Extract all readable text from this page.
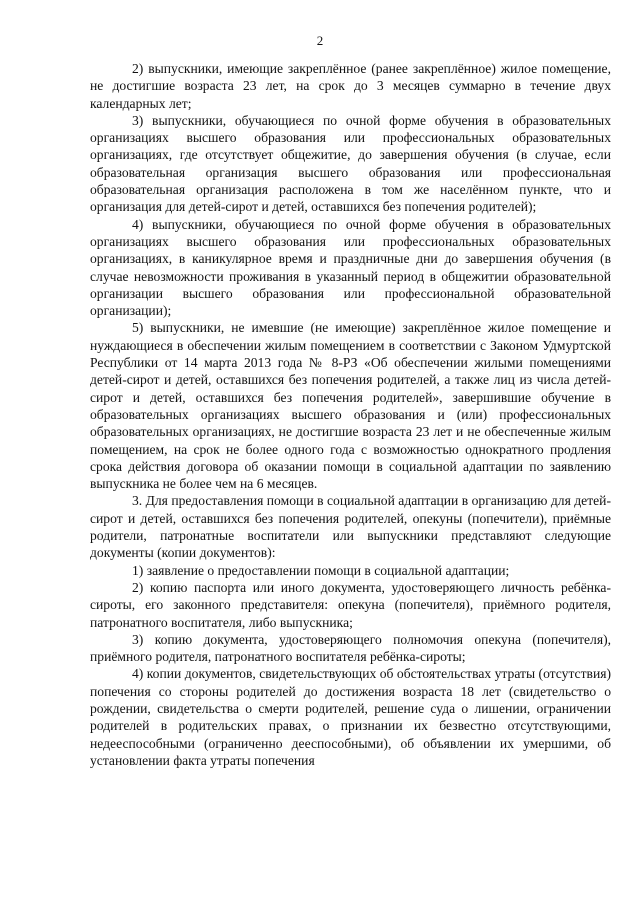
2

2) выпускники, имеющие закреплённое (ранее закреплённое) жилое помещение, не достигшие возраста 23 лет, на срок до 3 месяцев суммарно в течение двух календарных лет;

3) выпускники, обучающиеся по очной форме обучения в образовательных организациях высшего образования или профессиональных образовательных организациях, где отсутствует общежитие, до завершения обучения (в случае, если образовательная организация высшего образования или профессиональная образовательная организация расположена в том же населённом пункте, что и организация для детей-сирот и детей, оставшихся без попечения родителей);

4) выпускники, обучающиеся по очной форме обучения в образовательных организациях высшего образования или профессиональных образовательных организациях, в каникулярное время и праздничные дни до завершения обучения (в случае невозможности проживания в указанный период в общежитии образовательной организации высшего образования или профессиональной образовательной организации);

5) выпускники, не имевшие (не имеющие) закреплённое жилое помещение и нуждающиеся в обеспечении жилым помещением в соответствии с Законом Удмуртской Республики от 14 марта 2013 года № 8-РЗ «Об обеспечении жилыми помещениями детей-сирот и детей, оставшихся без попечения родителей, а также лиц из числа детей-сирот и детей, оставшихся без попечения родителей», завершившие обучение в образовательных организациях высшего образования и (или) профессиональных образовательных организациях, не достигшие возраста 23 лет и не обеспеченные жилым помещением, на срок не более одного года с возможностью однократного продления срока действия договора об оказании помощи в социальной адаптации по заявлению выпускника не более чем на 6 месяцев.

3. Для предоставления помощи в социальной адаптации в организацию для детей-сирот и детей, оставшихся без попечения родителей, опекуны (попечители), приёмные родители, патронатные воспитатели или выпускники представляют следующие документы (копии документов):

1) заявление о предоставлении помощи в социальной адаптации;

2) копию паспорта или иного документа, удостоверяющего личность ребёнка-сироты, его законного представителя: опекуна (попечителя), приёмного родителя, патронатного воспитателя, либо выпускника;

3) копию документа, удостоверяющего полномочия опекуна (попечителя), приёмного родителя, патронатного воспитателя ребёнка-сироты;

4) копии документов, свидетельствующих об обстоятельствах утраты (отсутствия) попечения со стороны родителей до достижения возраста 18 лет (свидетельство о рождении, свидетельства о смерти родителей, решение суда о лишении, ограничении родителей в родительских правах, о признании их безвестно отсутствующими, недееспособными (ограниченно дееспособными), об объявлении их умершими, об установлении факта утраты попечения
